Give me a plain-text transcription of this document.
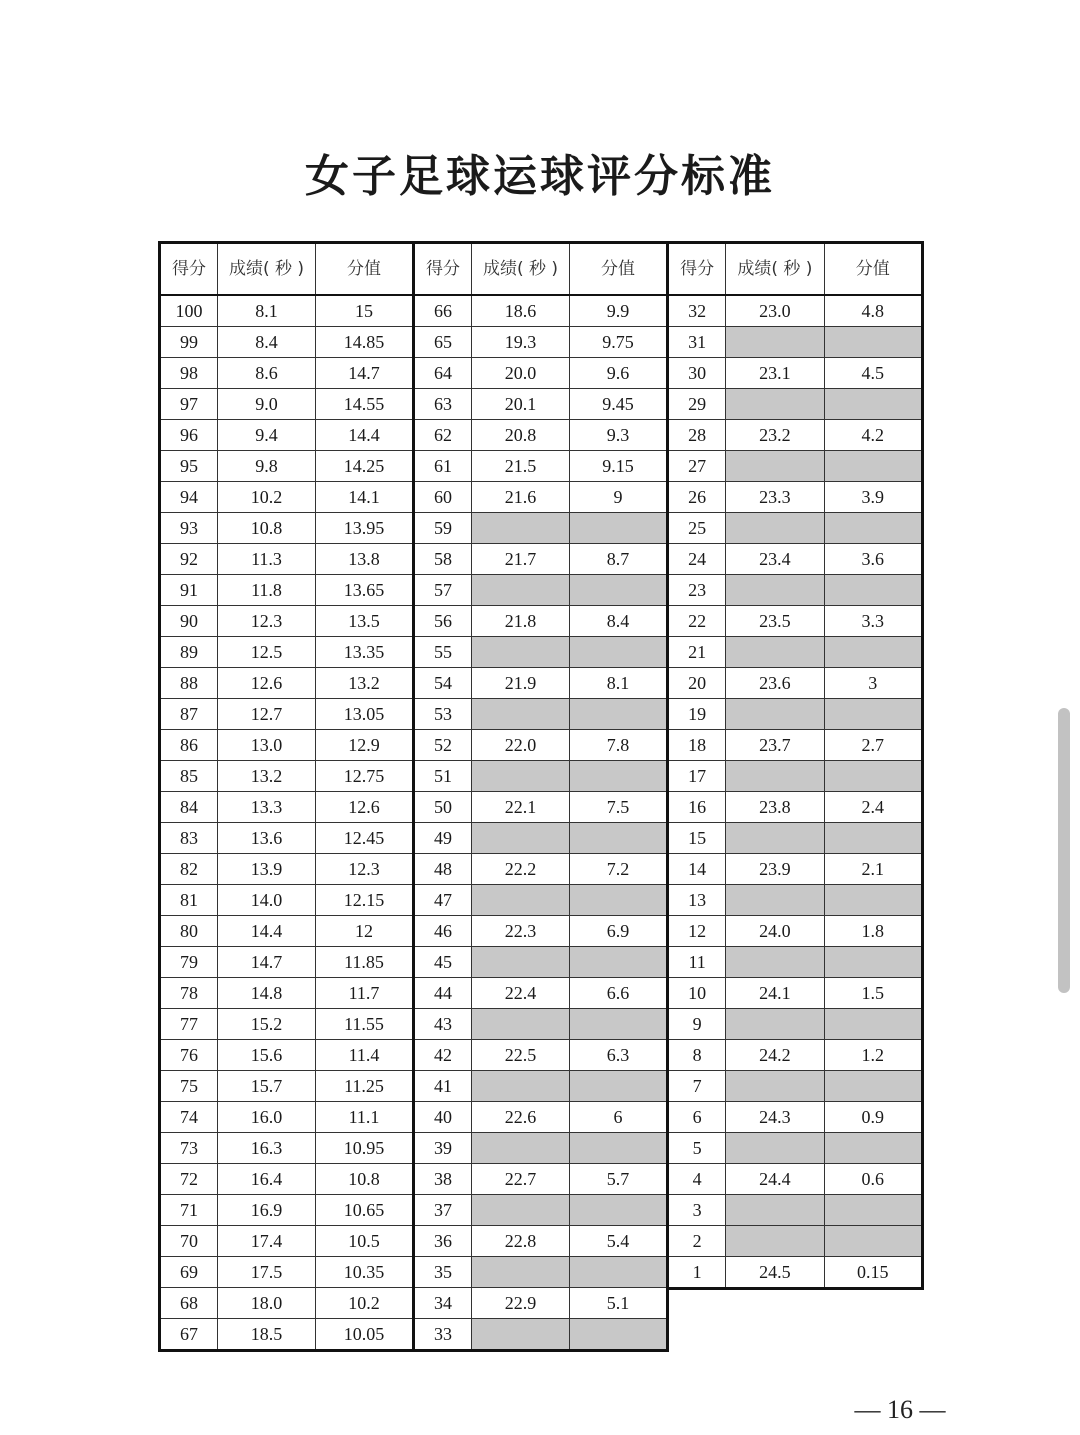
女子足球运球评分标准
得分	成绩( 秒 )	分值
100	8.1	15
99	8.4	14.85
98	8.6	14.7
97	9.0	14.55
96	9.4	14.4
95	9.8	14.25
94	10.2	14.1
93	10.8	13.95
92	11.3	13.8
91	11.8	13.65
90	12.3	13.5
89	12.5	13.35
88	12.6	13.2
87	12.7	13.05
86	13.0	12.9
85	13.2	12.75
84	13.3	12.6
83	13.6	12.45
82	13.9	12.3
81	14.0	12.15
80	14.4	12
79	14.7	11.85
78	14.8	11.7
77	15.2	11.55
76	15.6	11.4
75	15.7	11.25
74	16.0	11.1
73	16.3	10.95
72	16.4	10.8
71	16.9	10.65
70	17.4	10.5
69	17.5	10.35
68	18.0	10.2
67	18.5	10.05
得分	成绩( 秒 )	分值
66	18.6	9.9
65	19.3	9.75
64	20.0	9.6
63	20.1	9.45
62	20.8	9.3
61	21.5	9.15
60	21.6	9
59		
58	21.7	8.7
57		
56	21.8	8.4
55		
54	21.9	8.1
53		
52	22.0	7.8
51		
50	22.1	7.5
49		
48	22.2	7.2
47		
46	22.3	6.9
45		
44	22.4	6.6
43		
42	22.5	6.3
41		
40	22.6	6
39		
38	22.7	5.7
37		
36	22.8	5.4
35		
34	22.9	5.1
33		
得分	成绩( 秒 )	分值
32	23.0	4.8
31		
30	23.1	4.5
29		
28	23.2	4.2
27		
26	23.3	3.9
25		
24	23.4	3.6
23		
22	23.5	3.3
21		
20	23.6	3
19		
18	23.7	2.7
17		
16	23.8	2.4
15		
14	23.9	2.1
13		
12	24.0	1.8
11		
10	24.1	1.5
9		
8	24.2	1.2
7		
6	24.3	0.9
5		
4	24.4	0.6
3		
2		
1	24.5	0.15
— 16 —
